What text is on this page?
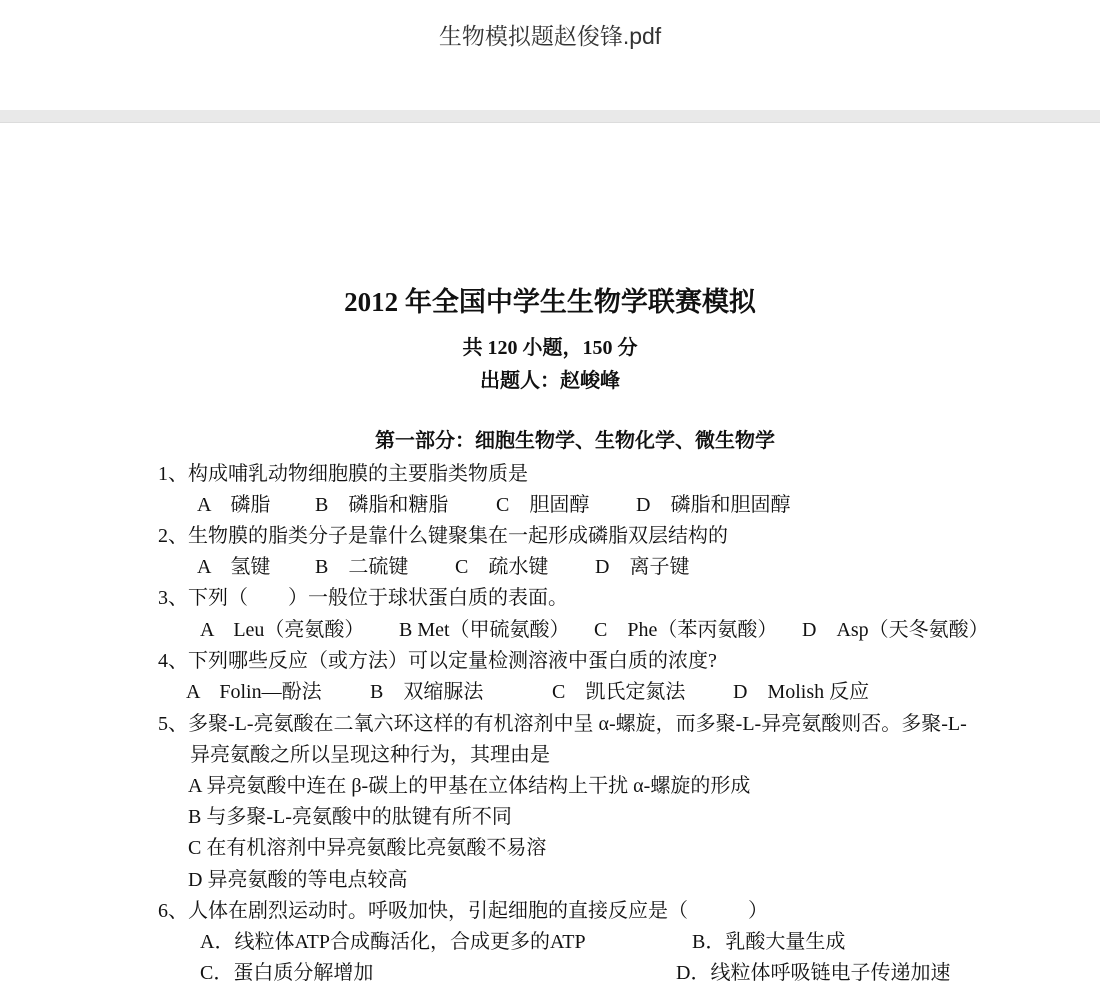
生物模拟题赵俊锋.pdf
2012 年全国中学生生物学联赛模拟
共 120 小题，150 分
出题人：赵峻峰
第一部分：细胞生物学、生物化学、微生物学
1、构成哺乳动物细胞膜的主要脂类物质是
A　磷脂 B　磷脂和糖脂 C　胆固醇 D　磷脂和胆固醇
2、生物膜的脂类分子是靠什么键聚集在一起形成磷脂双层结构的
A　氢键 B　二硫键 C　疏水键 D　离子键
3、下列（　　）一般位于球状蛋白质的表面。
A　Leu（亮氨酸） B Met（甲硫氨酸） C　Phe（苯丙氨酸） D　Asp（天冬氨酸）
4、下列哪些反应（或方法）可以定量检测溶液中蛋白质的浓度?
A　Folin—酚法 B　双缩脲法	C　凯氏定氮法 D　Molish 反应
5、多聚-L-亮氨酸在二氧六环这样的有机溶剂中呈 α-螺旋，而多聚-L-异亮氨酸则否。多聚-L-
异亮氨酸之所以呈现这种行为，其理由是
A 异亮氨酸中连在 β-碳上的甲基在立体结构上干扰 α-螺旋的形成
B 与多聚-L-亮氨酸中的肽键有所不同
C 在有机溶剂中异亮氨酸比亮氨酸不易溶
D 异亮氨酸的等电点较高
6、人体在剧烈运动时。呼吸加快，引起细胞的直接反应是（　　　）
A．线粒体ATP合成酶活化，合成更多的ATP	B．乳酸大量生成
C．蛋白质分解增加	D．线粒体呼吸链电子传递加速
